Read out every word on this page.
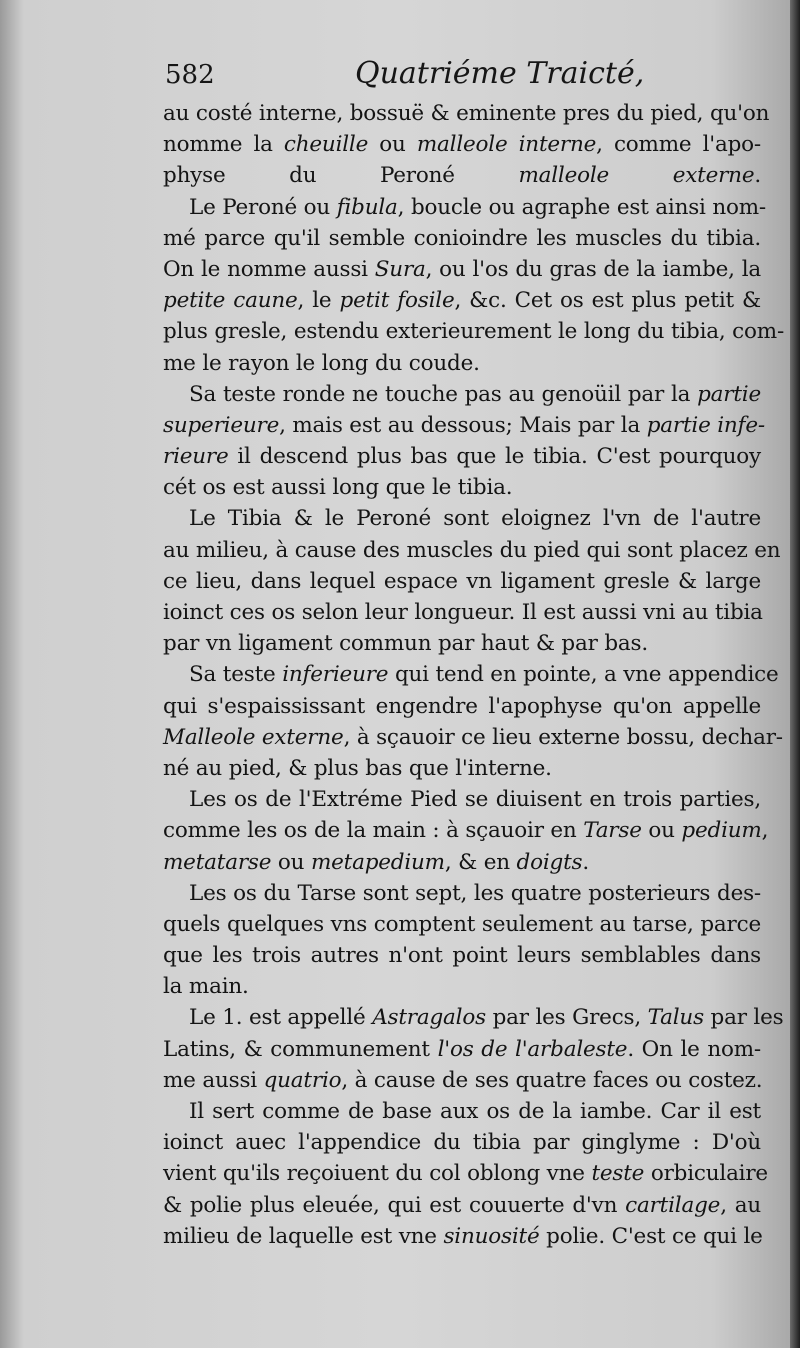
582	Quatriéme Traicté,
au costé interne, bossuë & eminente pres du pied, qu'on
nomme la cheuille ou malleole interne, comme l'apo-
physe du Peroné malleole externe.
Le Peroné ou fibula, boucle ou agraphe est ainsi nom-
mé parce qu'il semble conioindre les muscles du tibia.
On le nomme aussi Sura, ou l'os du gras de la iambe, la
petite caune, le petit fosile, &c. Cet os est plus petit &
plus gresle, estendu exterieurement le long du tibia, com-
me le rayon le long du coude.
Sa teste ronde ne touche pas au genoüil par la partie
superieure, mais est au dessous; Mais par la partie infe-
rieure il descend plus bas que le tibia. C'est pourquoy
cét os est aussi long que le tibia.
Le Tibia & le Peroné sont eloignez l'vn de l'autre
au milieu, à cause des muscles du pied qui sont placez en
ce lieu, dans lequel espace vn ligament gresle & large
ioinct ces os selon leur longueur. Il est aussi vni au tibia
par vn ligament commun par haut & par bas.
Sa teste inferieure qui tend en pointe, a vne appendice
qui s'espaississant engendre l'apophyse qu'on appelle
Malleole externe, à sçauoir ce lieu externe bossu, dechar-
né au pied, & plus bas que l'interne.
Les os de l'Extréme Pied se diuisent en trois parties,
comme les os de la main : à sçauoir en Tarse ou pedium,
metatarse ou metapedium, & en doigts.
Les os du Tarse sont sept, les quatre posterieurs des-
quels quelques vns comptent seulement au tarse, parce
que les trois autres n'ont point leurs semblables dans
la main.
Le 1. est appellé Astragalos par les Grecs, Talus par les
Latins, & communement l'os de l'arbaleste. On le nom-
me aussi quatrio, à cause de ses quatre faces ou costez.
Il sert comme de base aux os de la iambe. Car il est
ioinct auec l'appendice du tibia par ginglyme : D'où
vient qu'ils reçoiuent du col oblong vne teste orbiculaire
& polie plus eleuée, qui est couuerte d'vn cartilage, au
milieu de laquelle est vne sinuosité polie. C'est ce qui le
